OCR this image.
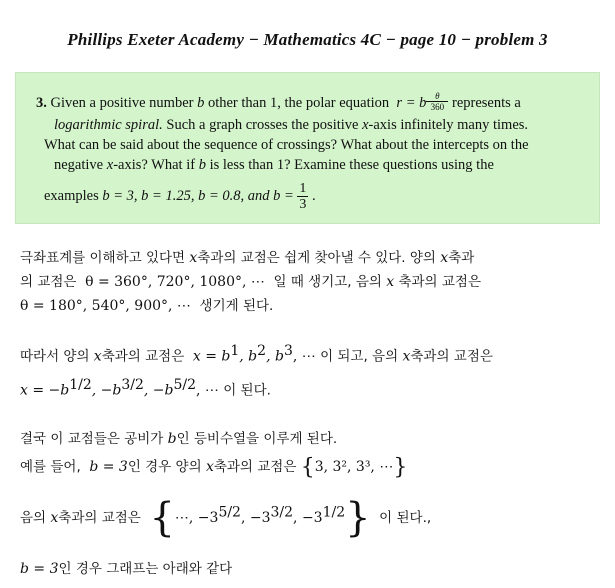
Phillips Exeter Academy − Mathematics 4C − page 10 − problem 3
3. Given a positive number b other than 1, the polar equation r = b θ
360 represents a
logarithmic spiral. Such a graph crosses the positive x-axis infinitely many times.
What can be said about the sequence of crossings? What about the intercepts on the
negative x-axis? What if b is less than 1? Examine these questions using the
examples b = 3, b = 1.25, b = 0.8, and $b = \frac{1}{3}$ .
극좌표계를 이해하고 있다면 x축과의 교점은 쉽게 찾아낼 수 있다. 양의 x축과
의 교점은 θ = 360°, 720°, 1080°, ⋯ 일 때 생기고, 음의 x 축과의 교점은
θ = 180°, 540°, 900°, ⋯ 생기게 된다.
따라서 양의 x축과의 교점은 $x = b^1$, $b^2$, $b^3$, ⋯ 이 되고, 음의 x축과의 교점은
$x = -b^{1/2}$, $-b^{3/2}$, $-b^{5/2}$, ⋯ 이 된다.
결국 이 교점들은 공비가 b인 등비수열을 이루게 된다.
예를 들어, b = 3인 경우 양의 x축과의 교점은 {3, 3², 3³, ⋯}
음의 x축과의 교점은 {⋯, $-3^{5/2}$, $-3^{3/2}$, $-3^{1/2}$} 이 된다.,
b = 3인 경우 그래프는 아래와 같다
